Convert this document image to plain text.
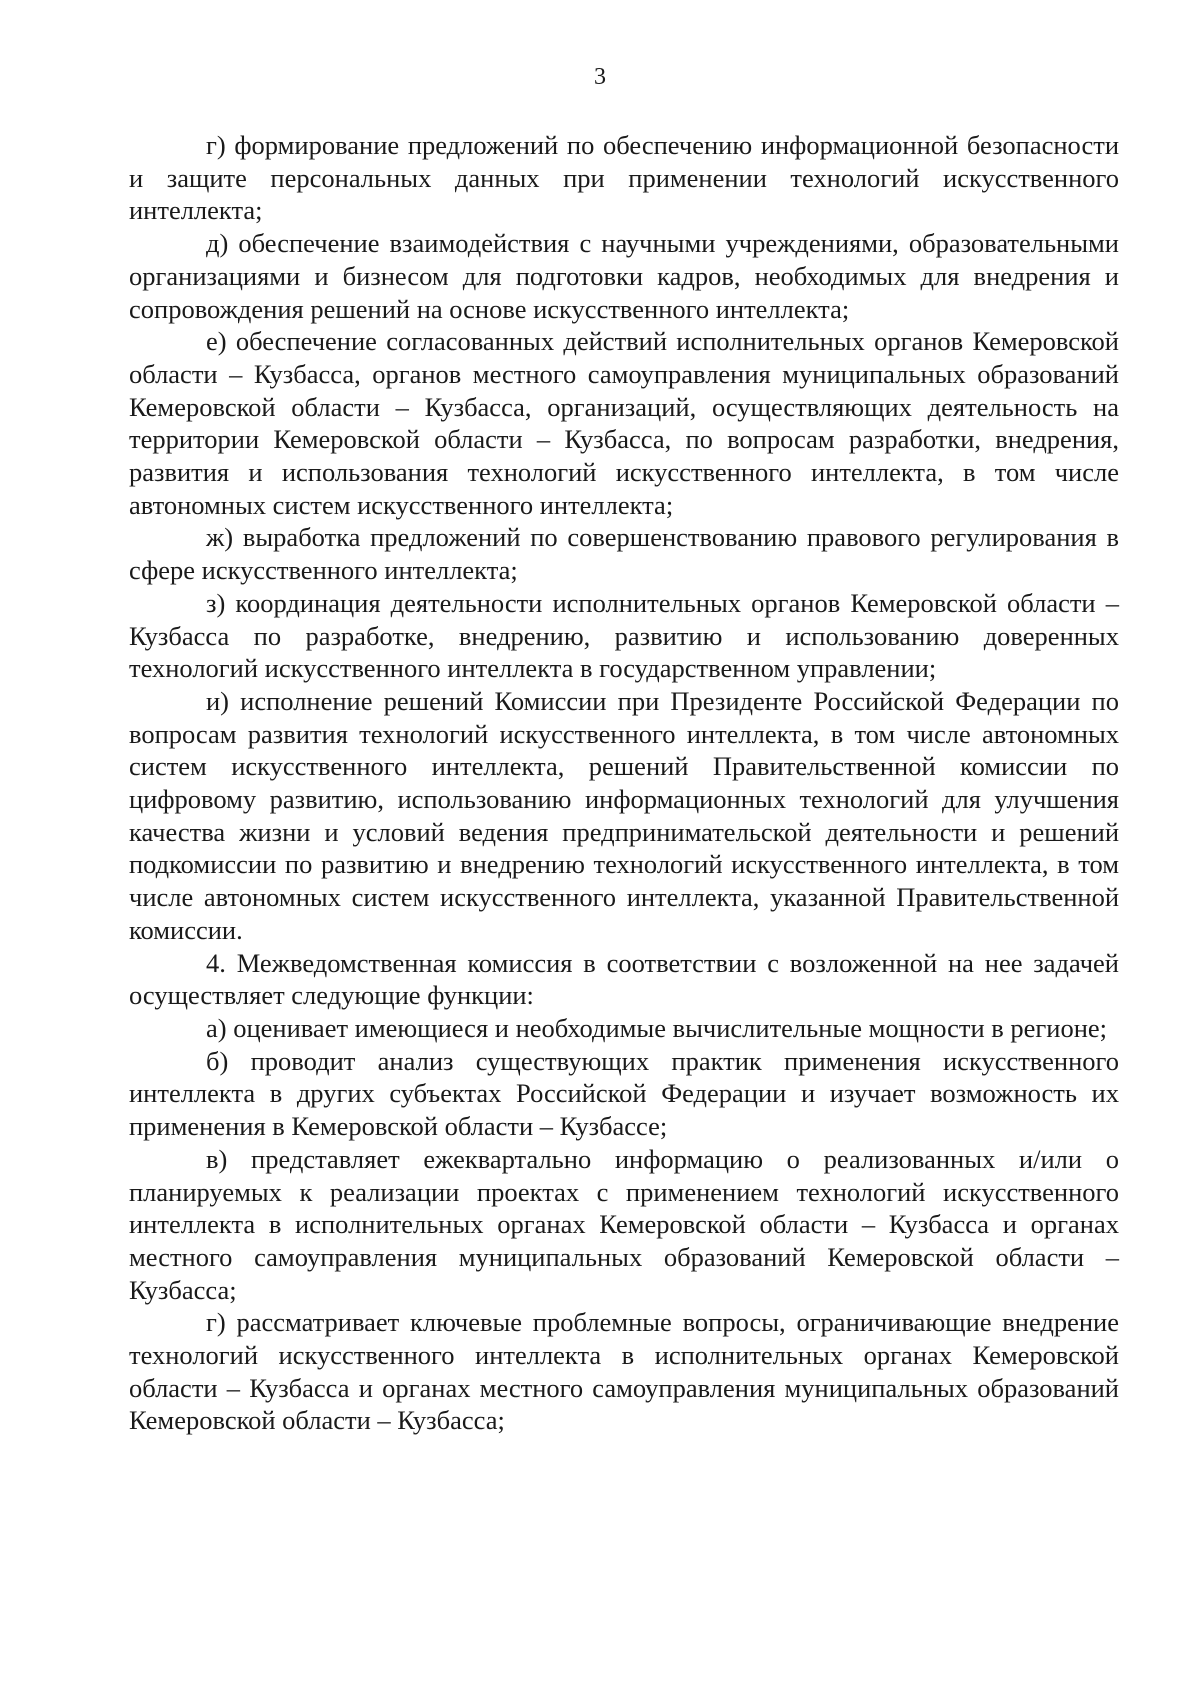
3

г) формирование предложений по обеспечению информационной безопасности и защите персональных данных при применении технологий искусственного интеллекта;

д) обеспечение взаимодействия с научными учреждениями, образовательными организациями и бизнесом для подготовки кадров, необходимых для внедрения и сопровождения решений на основе искусственного интеллекта;

е) обеспечение согласованных действий исполнительных органов Кемеровской области – Кузбасса, органов местного самоуправления муниципальных образований Кемеровской области – Кузбасса, организаций, осуществляющих деятельность на территории Кемеровской области – Кузбасса, по вопросам разработки, внедрения, развития и использования технологий искусственного интеллекта, в том числе автономных систем искусственного интеллекта;

ж) выработка предложений по совершенствованию правового регулирования в сфере искусственного интеллекта;

з) координация деятельности исполнительных органов Кемеровской области – Кузбасса по разработке, внедрению, развитию и использованию доверенных технологий искусственного интеллекта в государственном управлении;

и) исполнение решений Комиссии при Президенте Российской Федерации по вопросам развития технологий искусственного интеллекта, в том числе автономных систем искусственного интеллекта, решений Правительственной комиссии по цифровому развитию, использованию информационных технологий для улучшения качества жизни и условий ведения предпринимательской деятельности и решений подкомиссии по развитию и внедрению технологий искусственного интеллекта, в том числе автономных систем искусственного интеллекта, указанной Правительственной комиссии.

4. Межведомственная комиссия в соответствии с возложенной на нее задачей осуществляет следующие функции:

а) оценивает имеющиеся и необходимые вычислительные мощности в регионе;

б) проводит анализ существующих практик применения искусственного интеллекта в других субъектах Российской Федерации и изучает возможность их применения в Кемеровской области – Кузбассе;

в) представляет ежеквартально информацию о реализованных и/или о планируемых к реализации проектах с применением технологий искусственного интеллекта в исполнительных органах Кемеровской области – Кузбасса и органах местного самоуправления муниципальных образований Кемеровской области – Кузбасса;

г) рассматривает ключевые проблемные вопросы, ограничивающие внедрение технологий искусственного интеллекта в исполнительных органах Кемеровской области – Кузбасса и органах местного самоуправления муниципальных образований Кемеровской области – Кузбасса;
